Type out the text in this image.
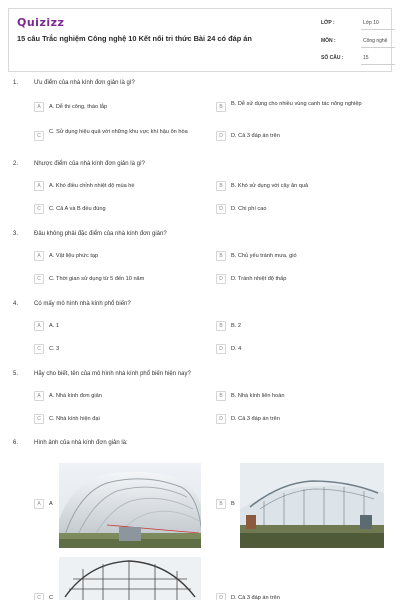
Quizizz
15 câu Trắc nghiệm Công nghệ 10 Kết nối tri thức Bài 24 có đáp án
LỚP :	Lớp 10
MÔN :	Công nghệ
SỐ CÂU :	15
1.	Ưu điểm của nhà kính đơn giản là gì?
A	A. Dễ thi công, tháo lắp	B	B. Dễ sử dụng cho nhiều vùng canh tác nông nghiệp
C
C. Sử dụng hiệu quả với những khu vực khí hậu ôn hòa
D	D. Cả 3 đáp án trên
2.	Nhược điểm của nhà kính đơn giản là gì?
A	A. Khó điều chỉnh nhiệt độ mùa hè	B	B. Khó sử dụng với cây ăn quả
C	C. Cả A và B đều đúng	D	D. Chi phí cao
3.	Đâu không phải đặc điểm của nhà kính đơn giản?
A	A. Vật liệu phức tạp	B	B. Chủ yếu tránh mưa, gió
C	C. Thời gian sử dụng từ 5 đến 10 năm	D	D. Tránh nhiệt độ thấp
4.	Có mấy mô hình nhà kính phổ biến?
A	A. 1	B	B. 2
C	C. 3	D	D. 4
5.	Hãy cho biết, tên của mô hình nhà kính phổ biến hiện nay?
A	A. Nhà kính đơn giản	B	B. Nhà kính liên hoàn
C	C. Nhà kính hiện đại	D	D. Cả 3 đáp án trên
6.	Hình ảnh của nhà kính đơn giản là:
A	A	B	B
C	C	D	D. Cả 3 đáp án trên
